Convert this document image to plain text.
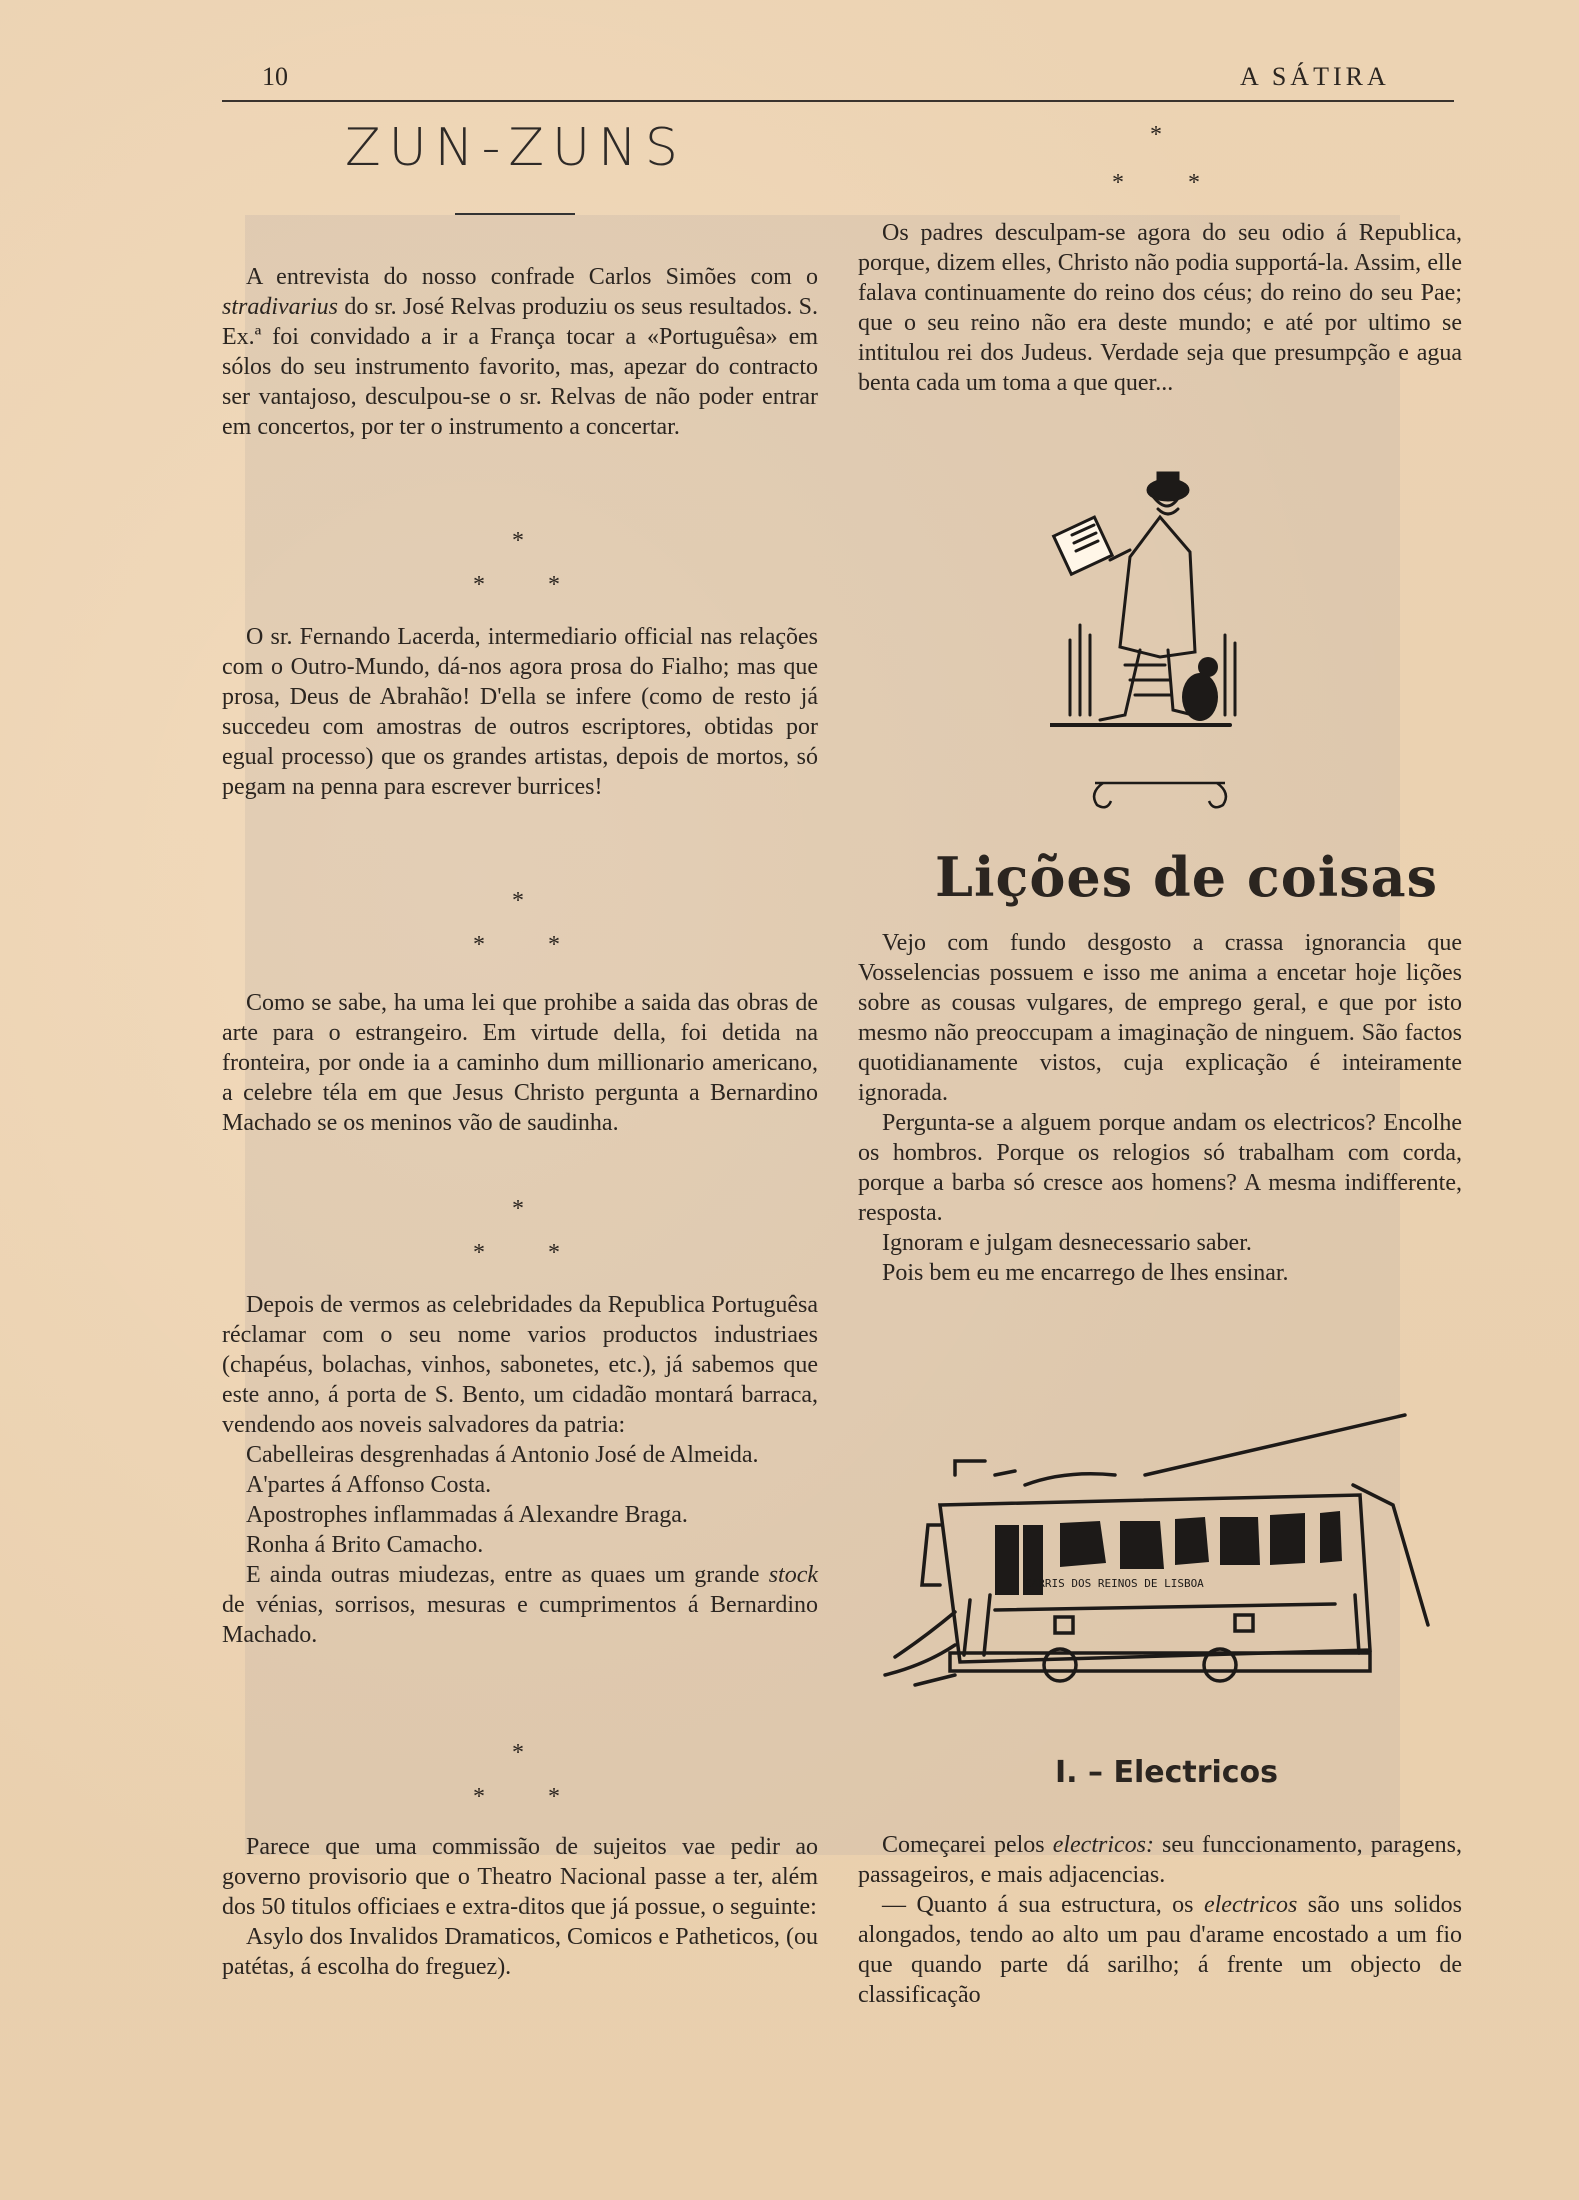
10	A SÁTIRA
ZUN-ZUNS

A entrevista do nosso confrade Carlos Simões com o stradivarius do sr. José Relvas produziu os seus resultados. S. Ex.ª foi convidado a ir a França tocar a «Portuguêsa» em sólos do seu instrumento favorito, mas, apezar do contracto ser vantajoso, desculpou-se o sr. Relvas de não poder entrar em concertos, por ter o instrumento a concertar.

*
*	*

O sr. Fernando Lacerda, intermediario official nas relações com o Outro-Mundo, dá-nos agora prosa do Fialho; mas que prosa, Deus de Abrahão! D'ella se infere (como de resto já succedeu com amostras de outros escriptores, obtidas por egual processo) que os grandes artistas, depois de mortos, só pegam na penna para escrever burrices!

*
*	*

Como se sabe, ha uma lei que prohibe a saida das obras de arte para o estrangeiro. Em virtude della, foi detida na fronteira, por onde ia a caminho dum millionario americano, a celebre téla em que Jesus Christo pergunta a Bernardino Machado se os meninos vão de saudinha.

*
*	*

Depois de vermos as celebridades da Republica Portuguêsa réclamar com o seu nome varios productos industriaes (chapéus, bolachas, vinhos, sabonetes, etc.), já sabemos que este anno, á porta de S. Bento, um cidadão montará barraca, vendendo aos noveis salvadores da patria:

Cabelleiras desgrenhadas á Antonio José de Almeida.

A'partes á Affonso Costa.

Apostrophes inflammadas á Alexandre Braga.

Ronha á Brito Camacho.

E ainda outras miudezas, entre as quaes um grande stock de vénias, sorrisos, mesuras e cumprimentos á Bernardino Machado.

*
*	*

Parece que uma commissão de sujeitos vae pedir ao governo provisorio que o Theatro Nacional passe a ter, além dos 50 titulos officiaes e extra-ditos que já possue, o seguinte:

Asylo dos Invalidos Dramaticos, Comicos e Patheticos, (ou patétas, á escolha do freguez).

*
*	*

Os padres desculpam-se agora do seu odio á Republica, porque, dizem elles, Christo não podia supportá-la. Assim, elle falava continuamente do reino dos céus; do reino do seu Pae; que o seu reino não era deste mundo; e até por ultimo se intitulou rei dos Judeus. Verdade seja que presumpção e agua benta cada um toma a que quer...

Lições de coisas

Vejo com fundo desgosto a crassa ignorancia que Vosselencias possuem e isso me anima a encetar hoje lições sobre as cousas vulgares, de emprego geral, e que por isto mesmo não preoccupam a imaginação de ninguem. São factos quotidianamente vistos, cuja explicação é inteiramente ignorada.

Pergunta-se a alguem porque andam os electricos? Encolhe os hombros. Porque os relogios só trabalham com corda, porque a barba só cresce aos homens? A mesma indifferente, resposta.

Ignoram e julgam desnecessario saber.

Pois bem eu me encarrego de lhes ensinar.

CARRIS DOS REINOS DE LISBOA
I. – Electricos

Começarei pelos electricos: seu funccionamento, paragens, passageiros, e mais adjacencias.

— Quanto á sua estructura, os electricos são uns solidos alongados, tendo ao alto um pau d'arame encostado a um fio que quando parte dá sarilho; á frente um objecto de classificação
